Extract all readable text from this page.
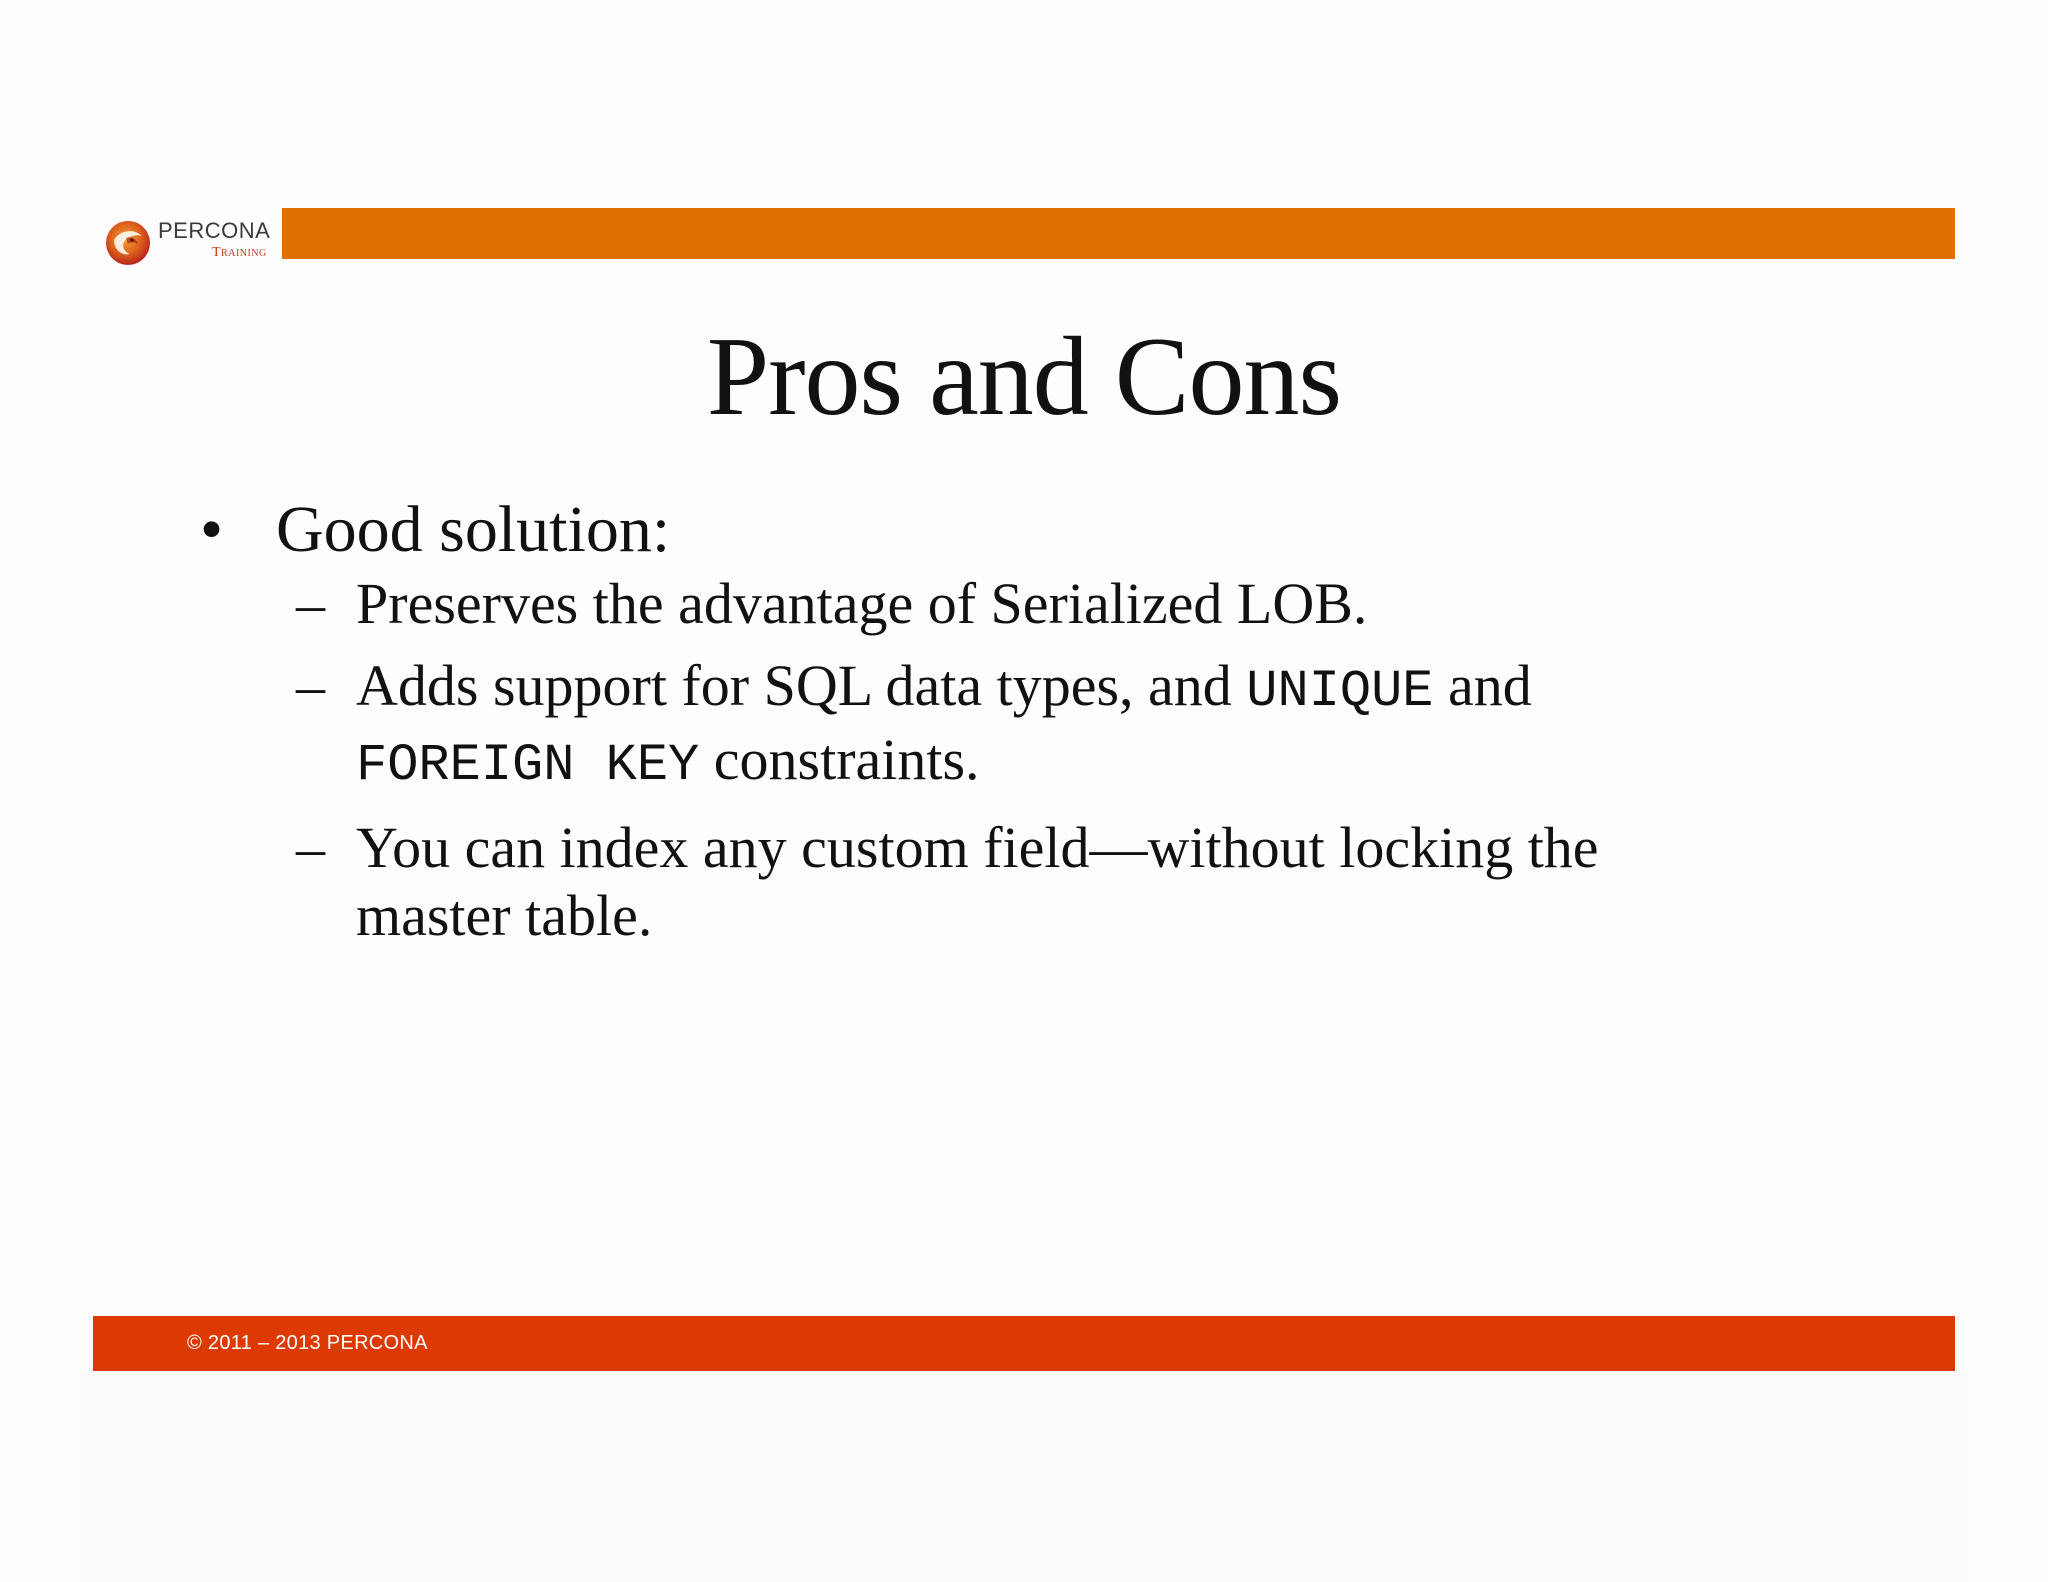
PERCONA
Training
Pros and Cons
• Good solution:
– Preserves the advantage of Serialized LOB.
– Adds support for SQL data types, and UNIQUE and
FOREIGN KEY constraints.
– You can index any custom field—without locking the
master table.
© 2011 – 2013 PERCONA
